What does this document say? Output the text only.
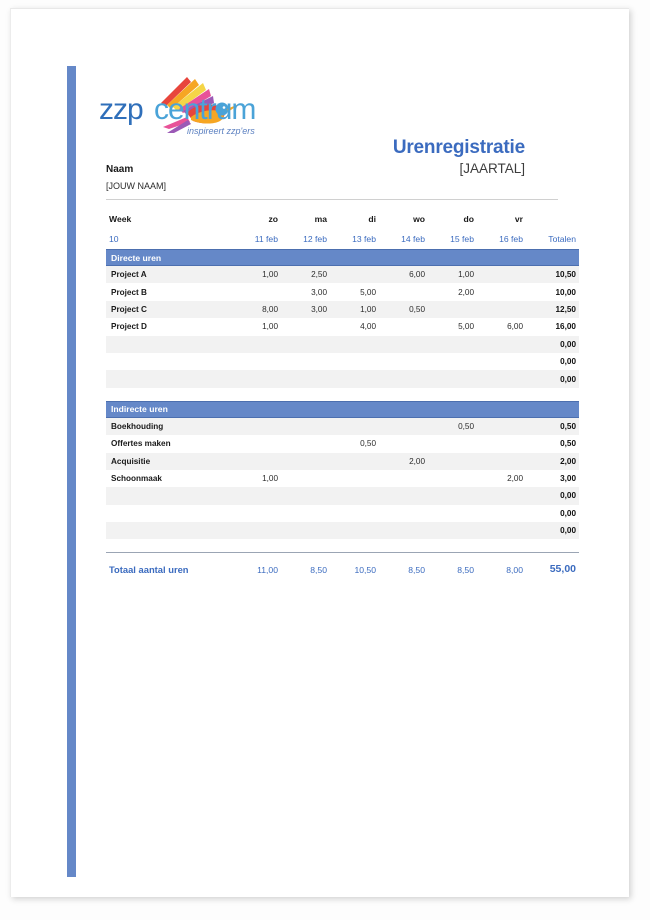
zzp centrum
inspireert zzp'ers
Urenregistratie
[JAARTAL]
Naam
[JOUW NAAM]
Week	zo	ma	di	wo	do	vr	
10	11 feb	12 feb	13 feb	14 feb	15 feb	16 feb	Totalen
Directe uren							
Project A	1,00	2,50		6,00	1,00		10,50
Project B		3,00	5,00		2,00		10,00
Project C	8,00	3,00	1,00	0,50			12,50
Project D	1,00		4,00		5,00	6,00	16,00
							0,00
							0,00
							0,00

Indirecte uren							
Boekhouding					0,50		0,50
Offertes maken			0,50				0,50
Acquisitie				2,00			2,00
Schoonmaak	1,00					2,00	3,00
							0,00
							0,00
							0,00

Totaal aantal uren	11,00	8,50	10,50	8,50	8,50	8,00	55,00
